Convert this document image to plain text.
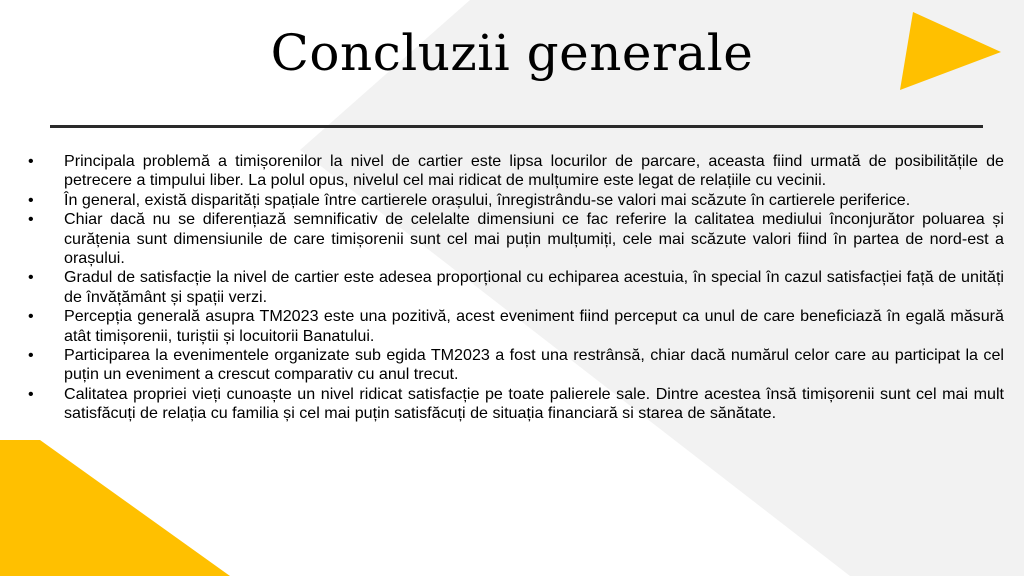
Concluzii generale
•	Principala problemă a timișorenilor la nivel de cartier este lipsa locurilor de parcare, aceasta fiind urmată de posibilitățile de petrecere a timpului liber. La polul opus, nivelul cel mai ridicat de mulțumire este legat de relațiile cu vecinii.
•	În general, există disparități spațiale între cartierele orașului, înregistrându-se valori mai scăzute în cartierele periferice.
•	Chiar dacă nu se diferențiază semnificativ de celelalte dimensiuni ce fac referire la calitatea mediului înconjurător poluarea și curățenia sunt dimensiunile de care timișorenii sunt cel mai puțin mulțumiți, cele mai scăzute valori fiind în partea de nord-est a orașului.
•	Gradul de satisfacție la nivel de cartier este adesea proporțional cu echiparea acestuia, în special în cazul satisfacției față de unități de învățământ și spații verzi.
•	Percepția generală asupra TM2023 este una pozitivă, acest eveniment fiind perceput ca unul de care beneficiază în egală măsură atât timișorenii, turiștii și locuitorii Banatului.
•	Participarea la evenimentele organizate sub egida TM2023 a fost una restrânsă, chiar dacă numărul celor care au participat la cel puțin un eveniment a crescut comparativ cu anul trecut.
•	Calitatea propriei vieți cunoaște un nivel ridicat satisfacție pe toate palierele sale. Dintre acestea însă timișorenii sunt cel mai mult satisfăcuți de relația cu familia și cel mai puțin satisfăcuți de situația financiară si starea de sănătate.
